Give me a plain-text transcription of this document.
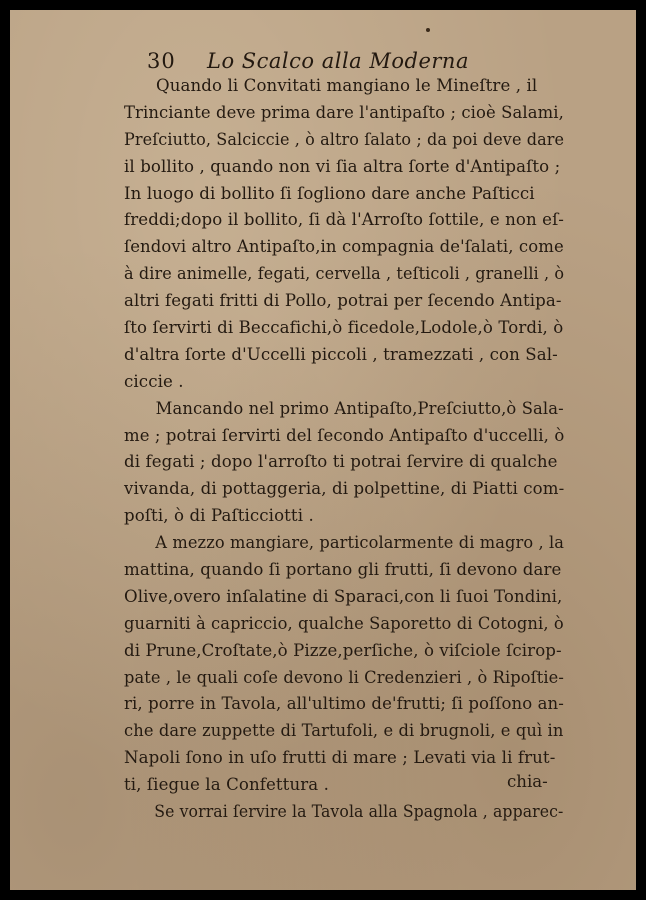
30 Lo Scalco alla Moderna
Quando li Convitati mangiano le Mineſtre , il
Trinciante deve prima dare l'antipaſto ; cioè Salami,
Preſciutto, Salciccie , ò altro ſalato ; da poi deve dare
il bollito , quando non vi ſia altra ſorte d'Antipaſto ;
In luogo di bollito ſi ſogliono dare anche Paſticci
freddi;dopo il bollito, ſi dà l'Arroſto ſottile, e non eſ-
ſendovi altro Antipaſto,in compagnia de'ſalati, come
à dire animelle, fegati, cervella , teſticoli , granelli , ò
altri fegati fritti di Pollo, potrai per ſecendo Antipa-
ſto ſervirti di Beccafichi,ò ficedole,Lodole,ò Tordi, ò
d'altra ſorte d'Uccelli piccoli , tramezzati , con Sal-
ciccie .
Mancando nel primo Antipaſto,Preſciutto,ò Sala-
me ; potrai ſervirti del ſecondo Antipaſto d'uccelli, ò
di fegati ; dopo l'arroſto ti potrai ſervire di qualche
vivanda, di pottaggeria, di polpettine, di Piatti com-
poſti, ò di Paſticciotti .
A mezzo mangiare, particolarmente di magro , la
mattina, quando ſi portano gli frutti, ſi devono dare
Olive,overo inſalatine di Sparaci,con li ſuoi Tondini,
guarniti à capriccio, qualche Saporetto di Cotogni, ò
di Prune,Croſtate,ò Pizze,perſiche, ò viſciole ſcirop-
pate , le quali coſe devono li Credenzieri , ò Ripoſtie-
ri, porre in Tavola, all'ultimo de'frutti; ſi poſſono an-
che dare zuppette di Tartufoli, e di brugnoli, e quì in
Napoli ſono in uſo frutti di mare ; Levati via li frut-
ti, ſiegue la Confettura .
Se vorrai ſervire la Tavola alla Spagnola , apparec-
chia-
